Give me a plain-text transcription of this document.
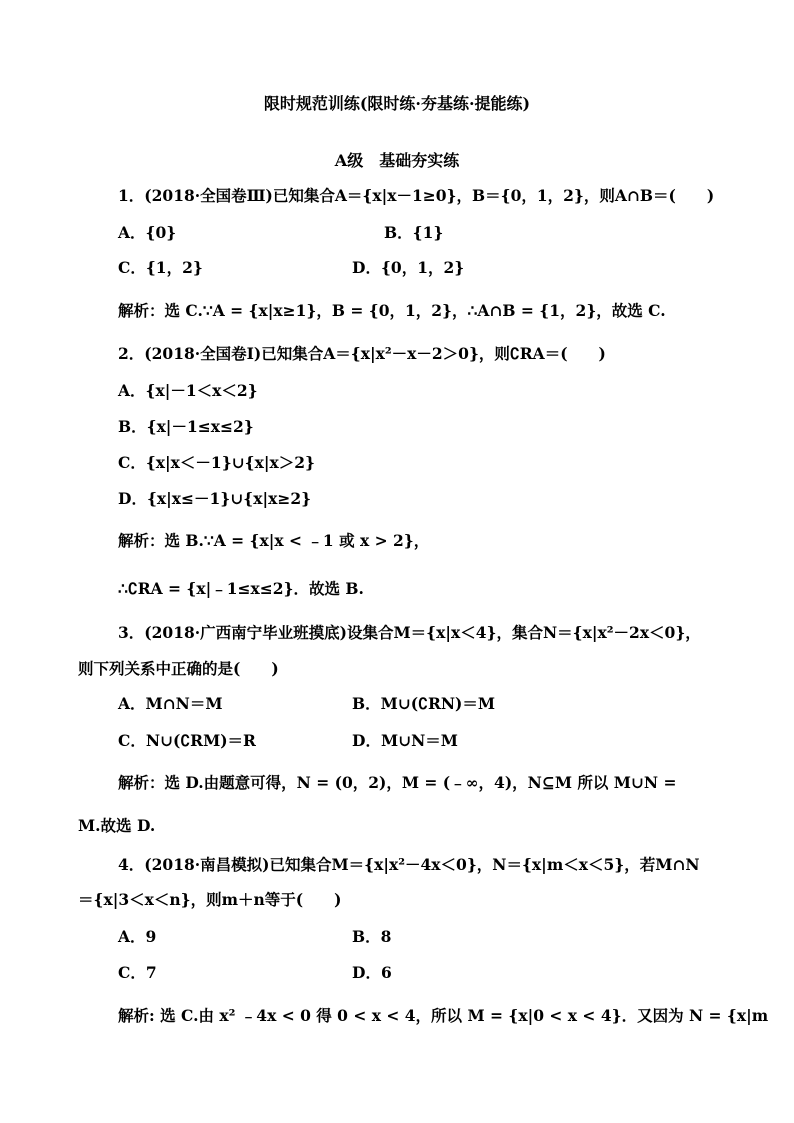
限时规范训练(限时练·夯基练·提能练)
A级　基础夯实练
1．(2018·全国卷Ⅲ)已知集合A＝{x|x－1≥0}，B＝{0，1，2}，则A∩B＝(　　)
A．{0}	B．{1}
C．{1，2}	D．{0，1，2}
解析：选 C.∵A = {x|x≥1}，B = {0，1，2}，∴A∩B = {1，2}，故选 C.
2．(2018·全国卷Ⅰ)已知集合A＝{x|x²－x－2＞0}，则∁RA＝(　　)
A．{x|－1＜x＜2}
B．{x|－1≤x≤2}
C．{x|x＜－1}∪{x|x＞2}
D．{x|x≤－1}∪{x|x≥2}
解析：选 B.∵A = {x|x < ﹣1 或 x > 2}，
∴∁RA = {x|﹣1≤x≤2}．故选 B.
3．(2018·广西南宁毕业班摸底)设集合M＝{x|x＜4}，集合N＝{x|x²－2x＜0}，
则下列关系中正确的是(　　)
A．M∩N＝M	B．M∪(∁RN)＝M
C．N∪(∁RM)＝R	D．M∪N＝M
解析：选 D.由题意可得，N = (0，2)，M = (﹣∞，4)，N⊆M 所以 M∪N =
M.故选 D.
4．(2018·南昌模拟)已知集合M＝{x|x²－4x＜0}，N＝{x|m＜x＜5}，若M∩N
＝{x|3＜x＜n}，则m＋n等于(　　)
A．9	B．8
C．7	D．6
解析: 选 C.由 x² ﹣4x < 0 得 0 < x < 4，所以 M = {x|0 < x < 4}．又因为 N = {x|m
